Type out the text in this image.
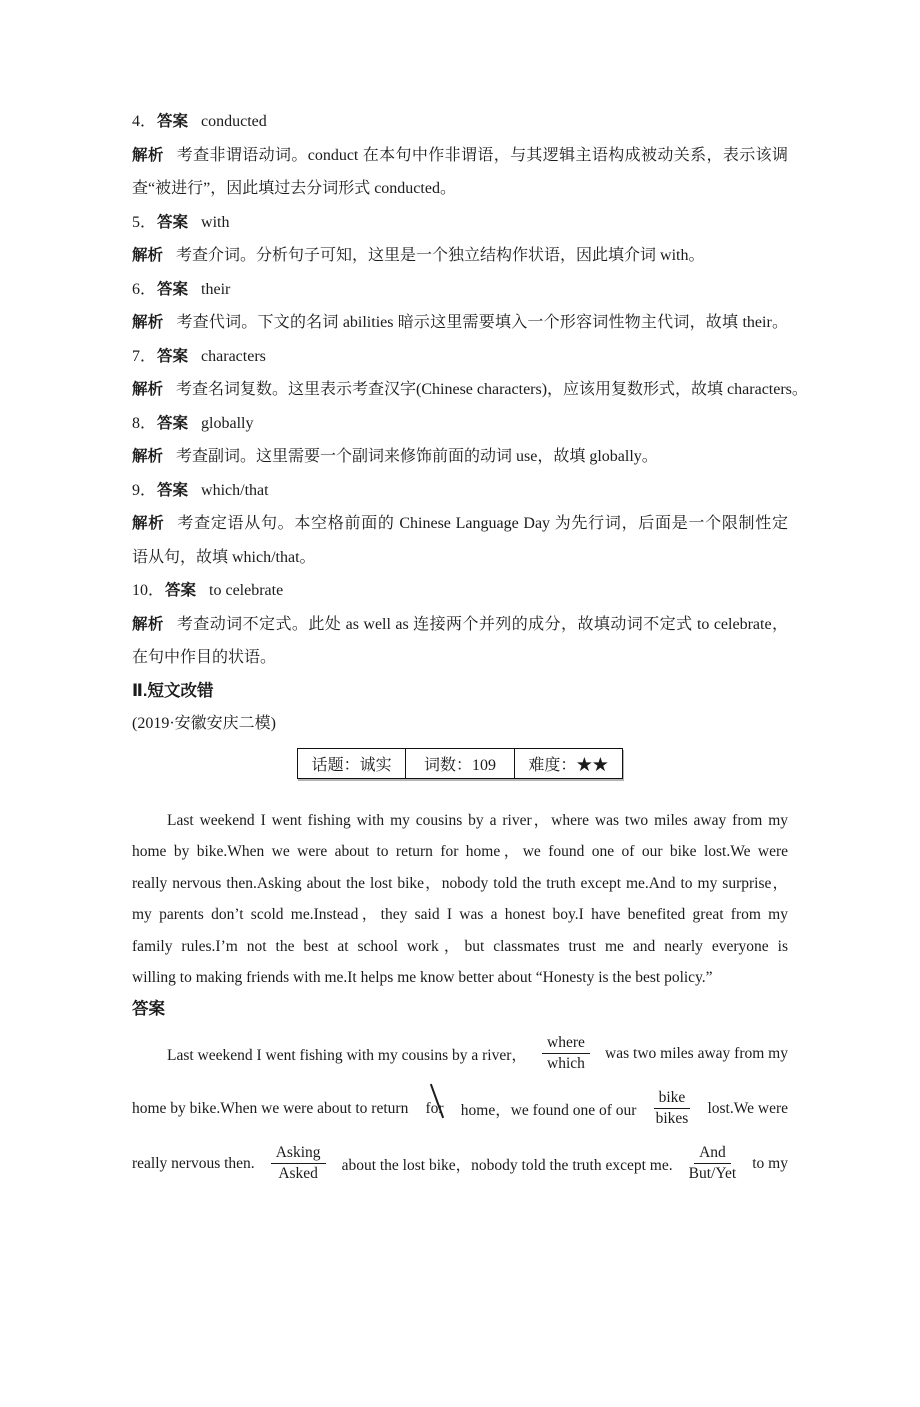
4．答案 conducted
解析 考查非谓语动词。conduct 在本句中作非谓语，与其逻辑主语构成被动关系，表示该调
查“被进行”，因此填过去分词形式 conducted。
5．答案 with
解析 考查介词。分析句子可知，这里是一个独立结构作状语，因此填介词 with。
6．答案 their
解析 考查代词。下文的名词 abilities 暗示这里需要填入一个形容词性物主代词，故填 their。
7．答案 characters
解析 考查名词复数。这里表示考查汉字(Chinese characters)，应该用复数形式，故填 characters。
8．答案 globally
解析 考查副词。这里需要一个副词来修饰前面的动词 use，故填 globally。
9．答案 which/that
解析 考查定语从句。本空格前面的 Chinese Language Day 为先行词，后面是一个限制性定
语从句，故填 which/that。
10．答案 to celebrate
解析 考查动词不定式。此处 as well as 连接两个并列的成分，故填动词不定式 to celebrate，
在句中作目的状语。
Ⅱ.短文改错
(2019·安徽安庆二模)
话题：诚实	词数：109	难度：★★
Last weekend I went fishing with my cousins by a river，where was two miles away from my
home by bike.When we were about to return for home，we found one of our bike lost.We were
really nervous then.Asking about the lost bike，nobody told the truth except me.And to my surprise，
my parents don’t scold me.Instead，they said I was a honest boy.I have benefited great from my
family rules.I’m not the best at school work，but classmates trust me and nearly everyone is
willing to making friends with me.It helps me know better about “Honesty is the best policy.”
答案
Last weekend I went fishing with my cousins by a river， $\frac{\text{where}}{\text{which}}$ was two miles away from my
home by bike.When we were about to return for home，we found one of our $\frac{\text{bike}}{\text{bikes}}$ lost.We were
really nervous then. $\frac{\text{Asking}}{\text{Asked}}$ about the lost bike，nobody told the truth except me. $\frac{\text{And}}{\text{But/Yet}}$ to my
